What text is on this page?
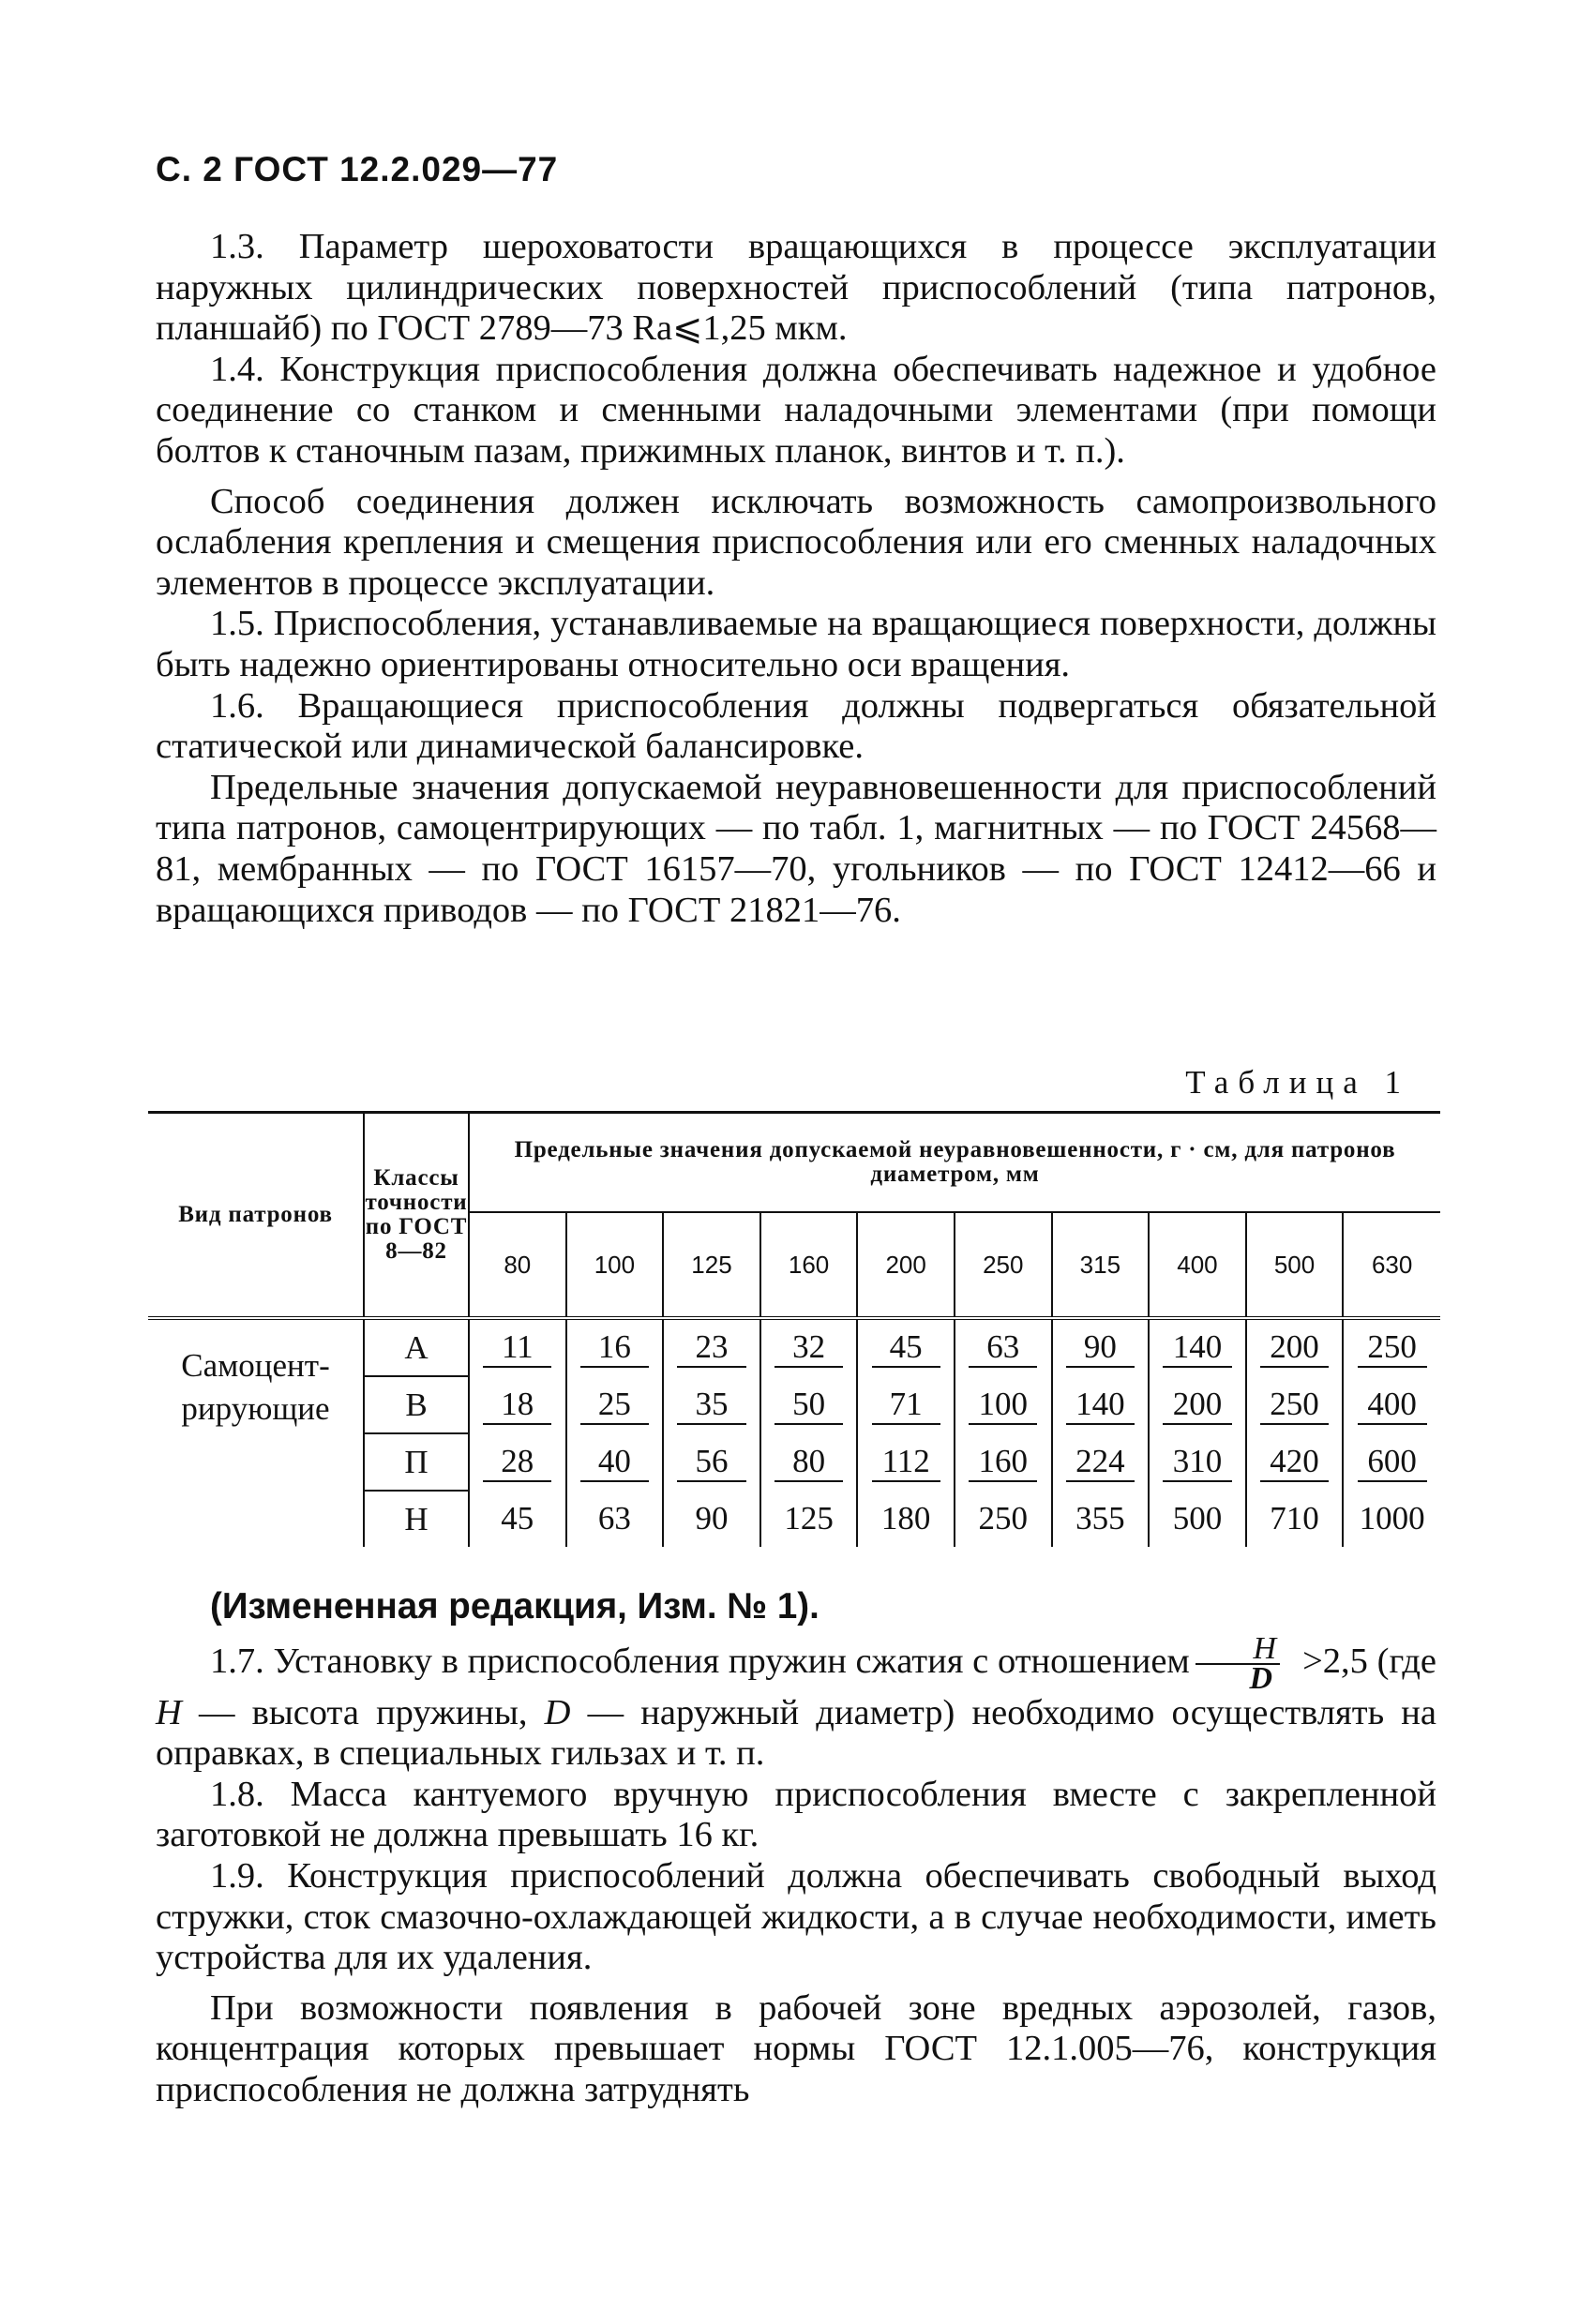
С. 2 ГОСТ 12.2.029—77

1.3. Параметр шероховатости вращающихся в процессе эксплуатации наружных цилиндрических поверхностей приспособлений (типа патронов, планшайб) по ГОСТ 2789—73 Ra⩽1,25 мкм.

1.4. Конструкция приспособления должна обеспечивать надежное и удобное соединение со станком и сменными наладочными элементами (при помощи болтов к станочным пазам, прижимных планок, винтов и т. п.).

Способ соединения должен исключать возможность самопроизвольного ослабления крепления и смещения приспособления или его сменных наладочных элементов в процессе эксплуатации.

1.5. Приспособления, устанавливаемые на вращающиеся поверхности, должны быть надежно ориентированы относительно оси вращения.

1.6. Вращающиеся приспособления должны подвергаться обязательной статической или динамической балансировке.

Предельные значения допускаемой неуравновешенности для приспособлений типа патронов, самоцентрирующих — по табл. 1, магнитных — по ГОСТ 24568—81, мембранных — по ГОСТ 16157—70, угольников — по ГОСТ 12412—66 и вращающихся приводов — по ГОСТ 21821—76.

Таблица 1
Вид патронов	Классы точности по ГОСТ 8—82	Предельные значения допускаемой неуравновешенности, г · см, для патронов диаметром, мм									
		80	100	125	160	200	250	315	400	500	630
Самоцент-рирующие	А	11	16	23	32	45	63	90	140	200	250
	В	18	25	35	50	71	100	140	200	250	400
	П	28	40	56	80	112	160	224	310	420	600
	Н	45	63	90	125	180	250	355	500	710	1000

(Измененная редакция, Изм. № 1).

1.7. Установку в приспособления пружин сжатия с отношением $\frac{H}{D} >2,5$ (где H — высота пружины, D — наружный диаметр) необходимо осуществлять на оправках, в специальных гильзах и т. п.

1.8. Масса кантуемого вручную приспособления вместе с закрепленной заготовкой не должна превышать 16 кг.

1.9. Конструкция приспособлений должна обеспечивать свободный выход стружки, сток смазочно-охлаждающей жидкости, а в случае необходимости, иметь устройства для их удаления.

При возможности появления в рабочей зоне вредных аэрозолей, газов, концентрация которых превышает нормы ГОСТ 12.1.005—76, конструкция приспособления не должна затруднять
